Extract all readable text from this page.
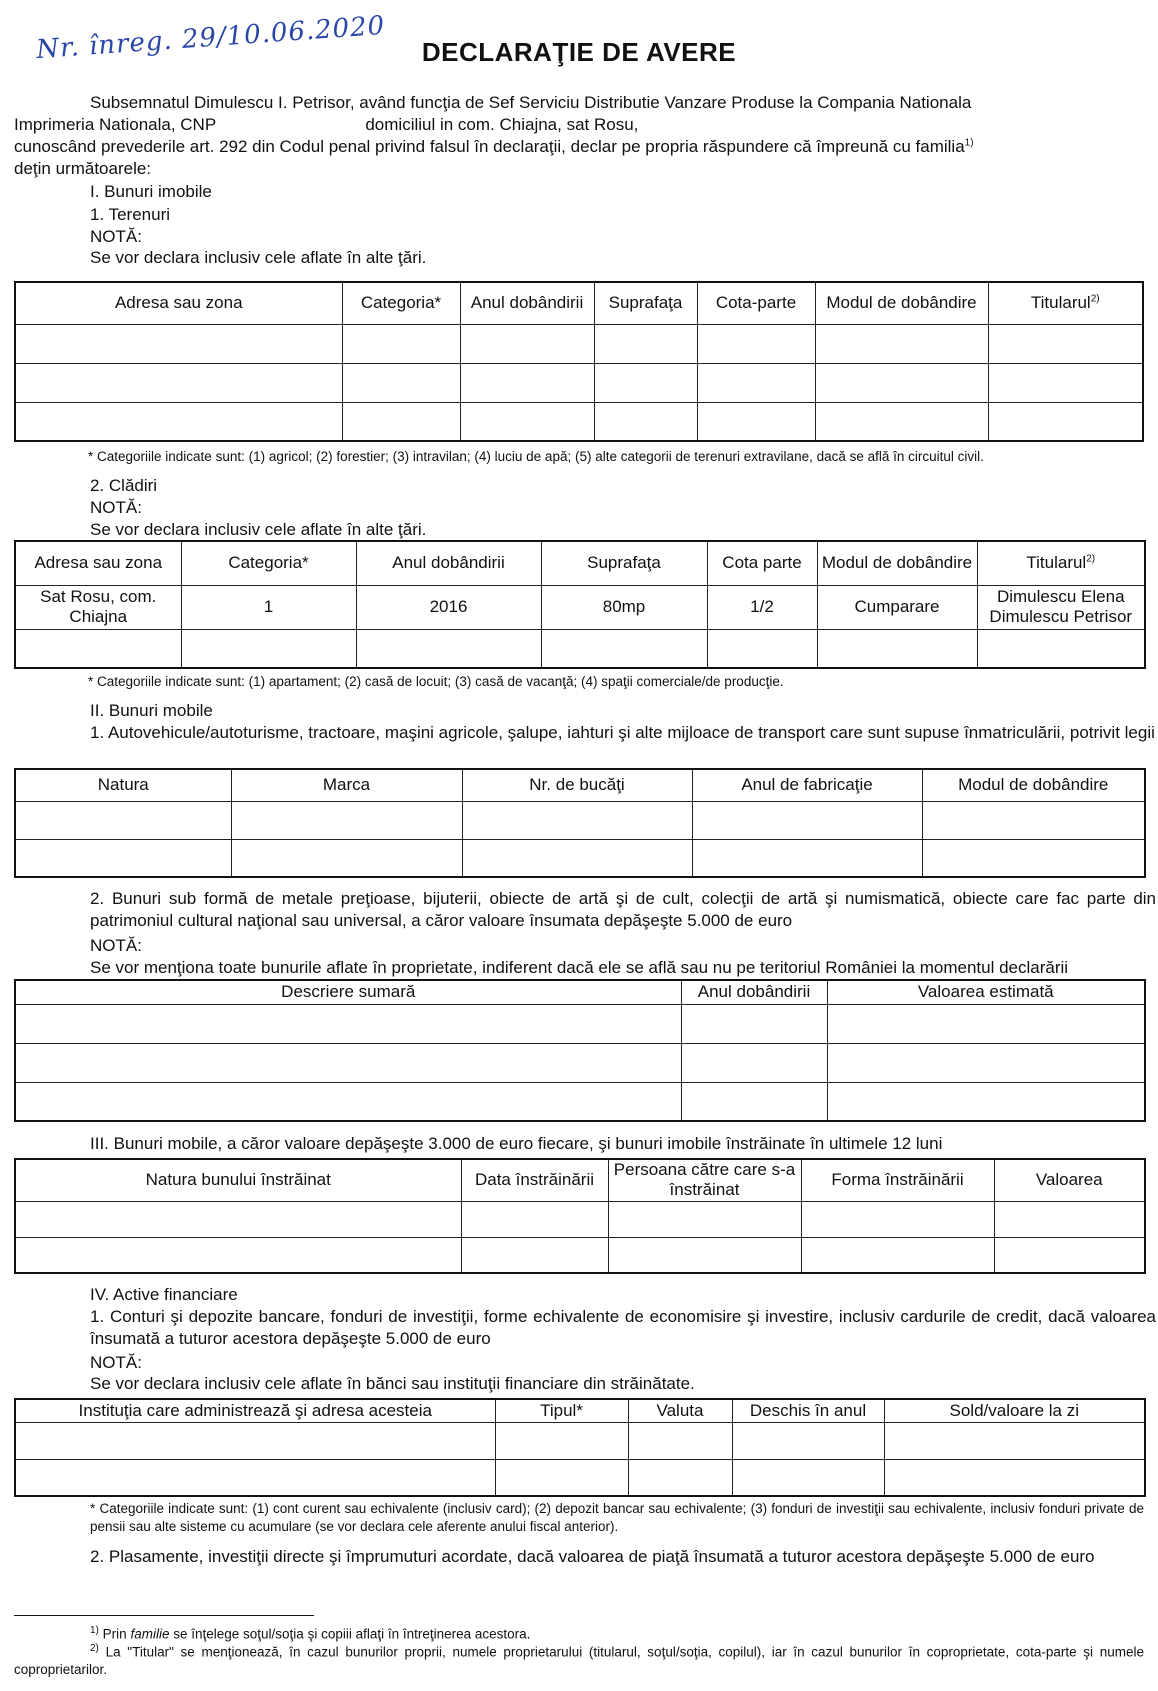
Nr. înreg. 29/10.06.2020	DECLARAŢIE DE AVERE
Subsemnatul Dimulescu I. Petrisor, având funcţia de Sef Serviciu Distributie Vanzare Produse la Compania Nationala
Imprimeria Nationala, CNP	domiciliul in com. Chiajna, sat Rosu,
cunoscând prevederile art. 292 din Codul penal privind falsul în declaraţii, declar pe propria răspundere că împreună cu familia$^{1)}$
deţin următoarele:
I. Bunuri imobile
1. Terenuri
NOTĂ:
Se vor declara inclusiv cele aflate în alte ţări.
Adresa sau zona	Categoria*	Anul dobândirii	Suprafaţa	Cota-parte	Modul de dobândire	Titularul$^{2)}$

* Categoriile indicate sunt: (1) agricol; (2) forestier; (3) intravilan; (4) luciu de apă; (5) alte categorii de terenuri extravilane, dacă se află în circuitul civil.
2. Clădiri
NOTĂ:
Se vor declara inclusiv cele aflate în alte ţări.
Adresa sau zona	Categoria*	Anul dobândirii	Suprafaţa	Cota parte	Modul de dobândire	Titularul$^{2)}$
Sat Rosu, com. Chiajna	1	2016	80mp	1/2	Cumparare	Dimulescu Elena
Dimulescu Petrisor

* Categoriile indicate sunt: (1) apartament; (2) casă de locuit; (3) casă de vacanţă; (4) spaţii comerciale/de producţie.
II. Bunuri mobile
1. Autovehicule/autoturisme, tractoare, maşini agricole, şalupe, iahturi şi alte mijloace de transport care sunt supuse înmatriculării, potrivit legii
Natura	Marca	Nr. de bucăţi	Anul de fabricaţie	Modul de dobândire

2. Bunuri sub formă de metale preţioase, bijuterii, obiecte de artă şi de cult, colecţii de artă şi numismatică, obiecte care fac parte din patrimoniul cultural naţional sau universal, a căror valoare însumata depăşeşte 5.000 de euro
NOTĂ:
Se vor menţiona toate bunurile aflate în proprietate, indiferent dacă ele se află sau nu pe teritoriul României la momentul declarării
Descriere sumară	Anul dobândirii	Valoarea estimată

III. Bunuri mobile, a căror valoare depăşeşte 3.000 de euro fiecare, şi bunuri imobile înstrăinate în ultimele 12 luni
Natura bunului înstrăinat	Data înstrăinării	Persoana către care s-a înstrăinat	Forma înstrăinării	Valoarea

IV. Active financiare
1. Conturi şi depozite bancare, fonduri de investiţii, forme echivalente de economisire şi investire, inclusiv cardurile de credit, dacă valoarea însumată a tuturor acestora depăşeşte 5.000 de euro
NOTĂ:
Se vor declara inclusiv cele aflate în bănci sau instituţii financiare din străinătate.
Instituţia care administrează şi adresa acesteia	Tipul*	Valuta	Deschis în anul	Sold/valoare la zi

* Categoriile indicate sunt: (1) cont curent sau echivalente (inclusiv card); (2) depozit bancar sau echivalente; (3) fonduri de investiţii sau echivalente, inclusiv fonduri private de pensii sau alte sisteme cu acumulare (se vor declara cele aferente anului fiscal anterior).
2. Plasamente, investiţii directe şi împrumuturi acordate, dacă valoarea de piaţă însumată a tuturor acestora depăşeşte 5.000 de euro
$^{1)}$ Prin familie se înţelege soţul/soţia şi copiii aflaţi în întreţinerea acestora.
$^{2)}$ La "Titular" se menţionează, în cazul bunurilor proprii, numele proprietarului (titularul, soţul/soţia, copilul), iar în cazul bunurilor în coproprietate, cota-parte şi numele coproprietarilor.
